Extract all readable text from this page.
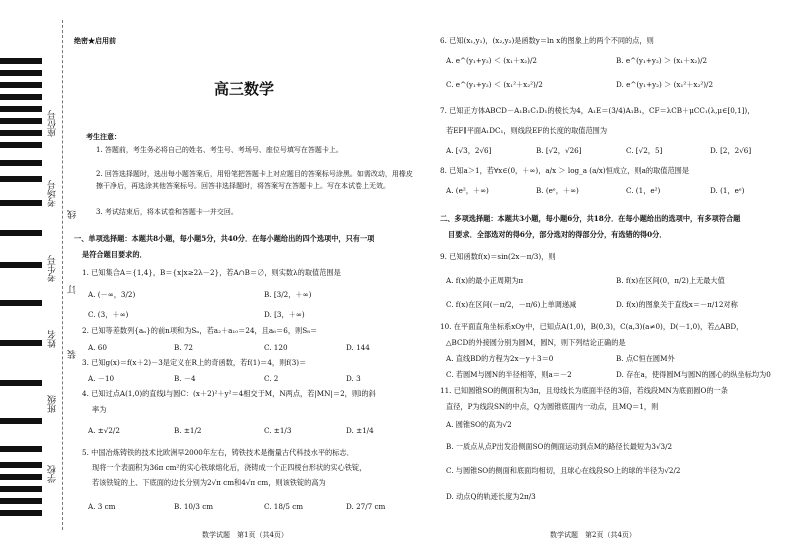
座位号
考场号
考生号
姓名
班级
学校
线
订
装
绝密★启用前
高三数学
考生注意：
1. 答题前，考生务必将自己的姓名、考生号、考场号、座位号填写在答题卡上。
2. 回答选择题时，选出每小题答案后，用铅笔把答题卡上对应题目的答案标号涂黑。如需改动，用橡皮擦干净后，再选涂其他答案标号。回答非选择题时，将答案写在答题卡上。写在本试卷上无效。
3. 考试结束后，将本试卷和答题卡一并交回。
一、单项选择题：本题共8小题，每小题5分，共40分．在每小题给出的四个选项中，只有一项
是符合题目要求的．
1. 已知集合A＝{1,4}，B＝{x|x≥2λ－2}，若A∩B＝∅，则实数λ的取值范围是
A. (－∞，3/2)	B. [3/2，＋∞)
C. (3，＋∞)	D. [3，＋∞)
2. 已知等差数列{aₙ}的前n项和为Sₙ，若a₂＋a₁₀＝24，且a₆＝6，则S₈＝
A. 60	B. 72	C. 120	D. 144
3. 已知g(x)＝f(x＋2)－3是定义在R上的奇函数，若f(1)＝4，则f(3)＝
A. －10	B. －4	C. 2	D. 3
4. 已知过点A(1,0)的直线l与圆C：(x＋2)²＋y²＝4相交于M，N两点，若|MN|＝2，则l的斜
率为
A. ±√2/2	B. ±1/2	C. ±1/3	D. ±1/4
5. 中国冶炼铸铁的技术比欧洲早2000年左右，铸铁技术是衡量古代科技水平的标志．
现将一个表面积为36π cm²的实心铁球熔化后，浇铸成一个正四棱台形状的实心铁锭，
若该铁锭的上、下底面的边长分别为2√π cm和4√π cm，则该铁锭的高为
A. 3 cm	B. 10/3 cm	C. 18/5 cm	D. 27/7 cm
数学试题　第1页（共4页）
6. 已知(x₁,y₁)，(x₂,y₂)是函数y＝ln x的图象上的两个不同的点，则
A. e^(y₁+y₂) ＜ (x₁＋x₂)/2	B. e^(y₁+y₂) ＞ (x₁＋x₂)/2
C. e^(y₁+y₂) ＜ (x₁²＋x₂²)/2	D. e^(y₁+y₂) ＞ (x₁²＋x₂²)/2
7. 已知正方体ABCD－A₁B₁C₁D₁的棱长为4，A₁E＝(3/4)A₁B₁，CF＝λCB＋μCC₁(λ,μ∈[0,1])，
若EF∥平面A₁DC₁，则线段EF的长度的取值范围为
A. [√3，2√6]	B. [√2，√26]	C. [√2，5]	D. [2，2√6]
8. 已知a＞1，若∀x∈(0，＋∞)，a/x ＞ log_a (a/x)恒成立，则a的取值范围是
A. (e²，＋∞)	B. (eᵉ，＋∞)	C. (1，e²)	D. (1，eᵉ)
二、多项选择题：本题共3小题，每小题6分，共18分．在每小题给出的选项中，有多项符合题
目要求．全部选对的得6分，部分选对的得部分分，有选错的得0分．
9. 已知函数f(x)＝sin(2x－π/3)，则
A. f(x)的最小正周期为π	B. f(x)在区间(0，π/2)上无最大值
C. f(x)在区间(－π/2，－π/6)上单调递减	D. f(x)的图象关于直线x＝－π/12对称
10. 在平面直角坐标系xOy中，已知点A(1,0)，B(0,3)，C(a,3)(a≠0)，D(－1,0)，若△ABD，
△BCD的外接圆分别为圆M，圆N，则下列结论正确的是
A. 直线BD的方程为2x－y＋3＝0	B. 点C恒在圆M外
C. 若圆M与圆N的半径相等，则a＝－2	D. 存在a，使得圆M与圆N的圆心的纵坐标均为0
11. 已知圆锥SO的侧面积为3π，且母线长为底面半径的3倍，若线段MN为底面圆O的一条
直径，P为线段SN的中点，Q为圆锥底面内一动点，且MQ＝1，则
A. 圆锥SO的高为√2
B. 一质点从点P出发沿侧面SO的侧面运动到点M的路径长最短为3√3/2
C. 与圆锥SO的侧面和底面均相切，且球心在线段SO上的球的半径为√2/2
D. 动点Q的轨迹长度为2π/3
数学试题　第2页（共4页）
